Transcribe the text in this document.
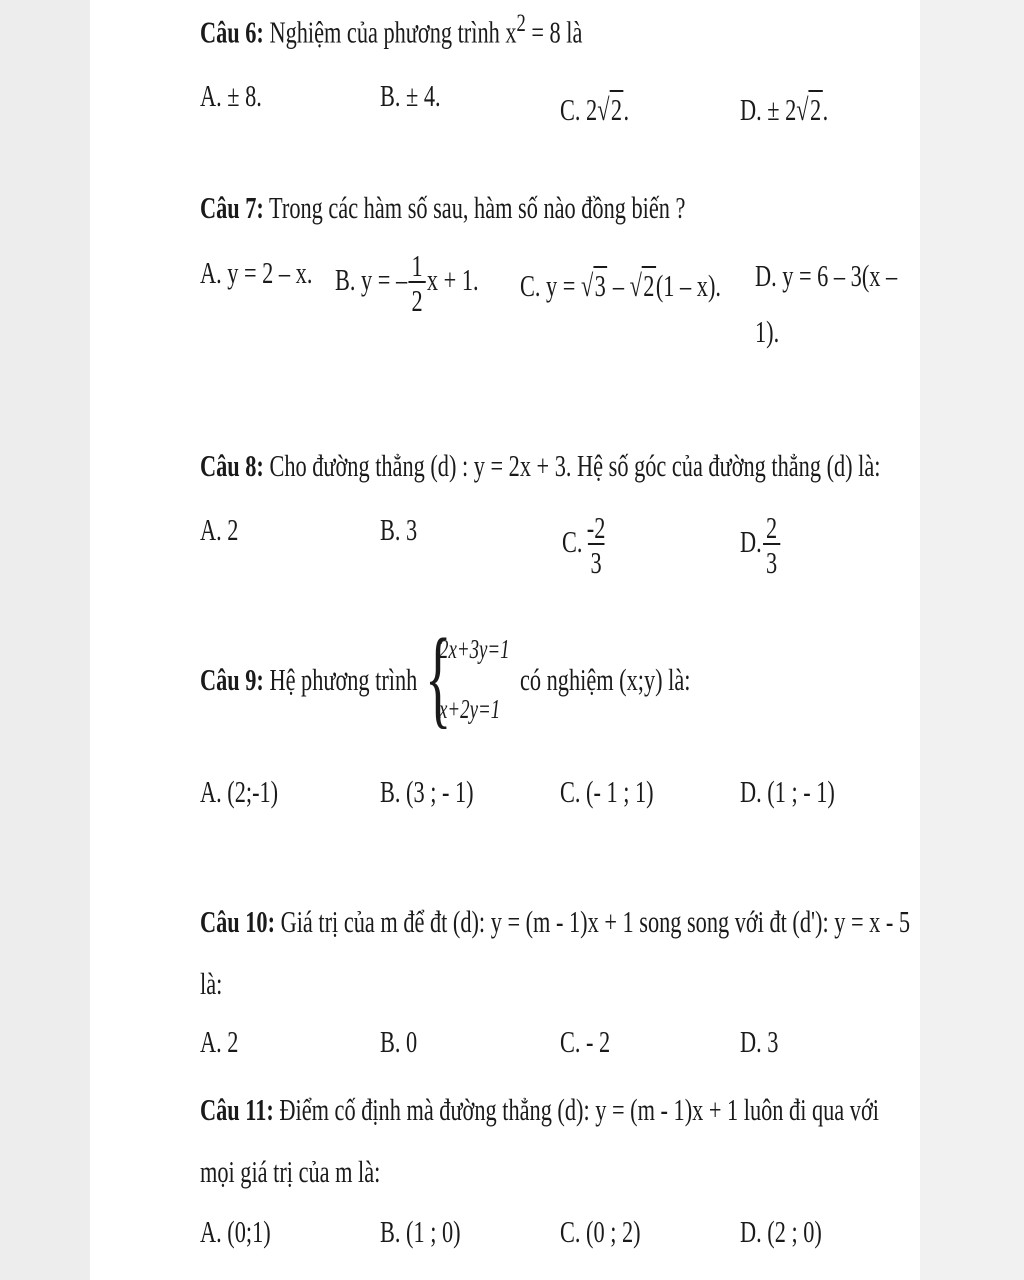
Câu 6: Nghiệm của phương trình $x^2 = 8$ là
A. ± 8.	B. ± 4.	C. 2√2.	D. ± 2√2.
Câu 7: Trong các hàm số sau, hàm số nào đồng biến ?
A. y = 2 – x. B. y = – $\frac{1}{2}$ x + 1. C. y = √3 – √2(1 – x). D. y = 6 – 3(x –
1).
Câu 8: Cho đường thẳng (d) : y = 2x + 3. Hệ số góc của đường thẳng (d) là:
A. 2	B. 3	C. $\frac{-2}{3}$	D. $\frac{2}{3}$
Câu 9: Hệ phương trình {
2x+3y=1
x+2y=1
có nghiệm (x;y) là:
A. (2;-1)	B. (3 ; - 1)	C. (- 1 ; 1)	D. (1 ; - 1)
Câu 10: Giá trị của m để đt (d): y = (m - 1)x + 1 song song với đt (d'): y = x - 5
là:
A. 2	B. 0	C. - 2	D. 3
Câu 11: Điểm cố định mà đường thẳng (d): y = (m - 1)x + 1 luôn đi qua với
mọi giá trị của m là:
A. (0;1)	B. (1 ; 0)	C. (0 ; 2)	D. (2 ; 0)
